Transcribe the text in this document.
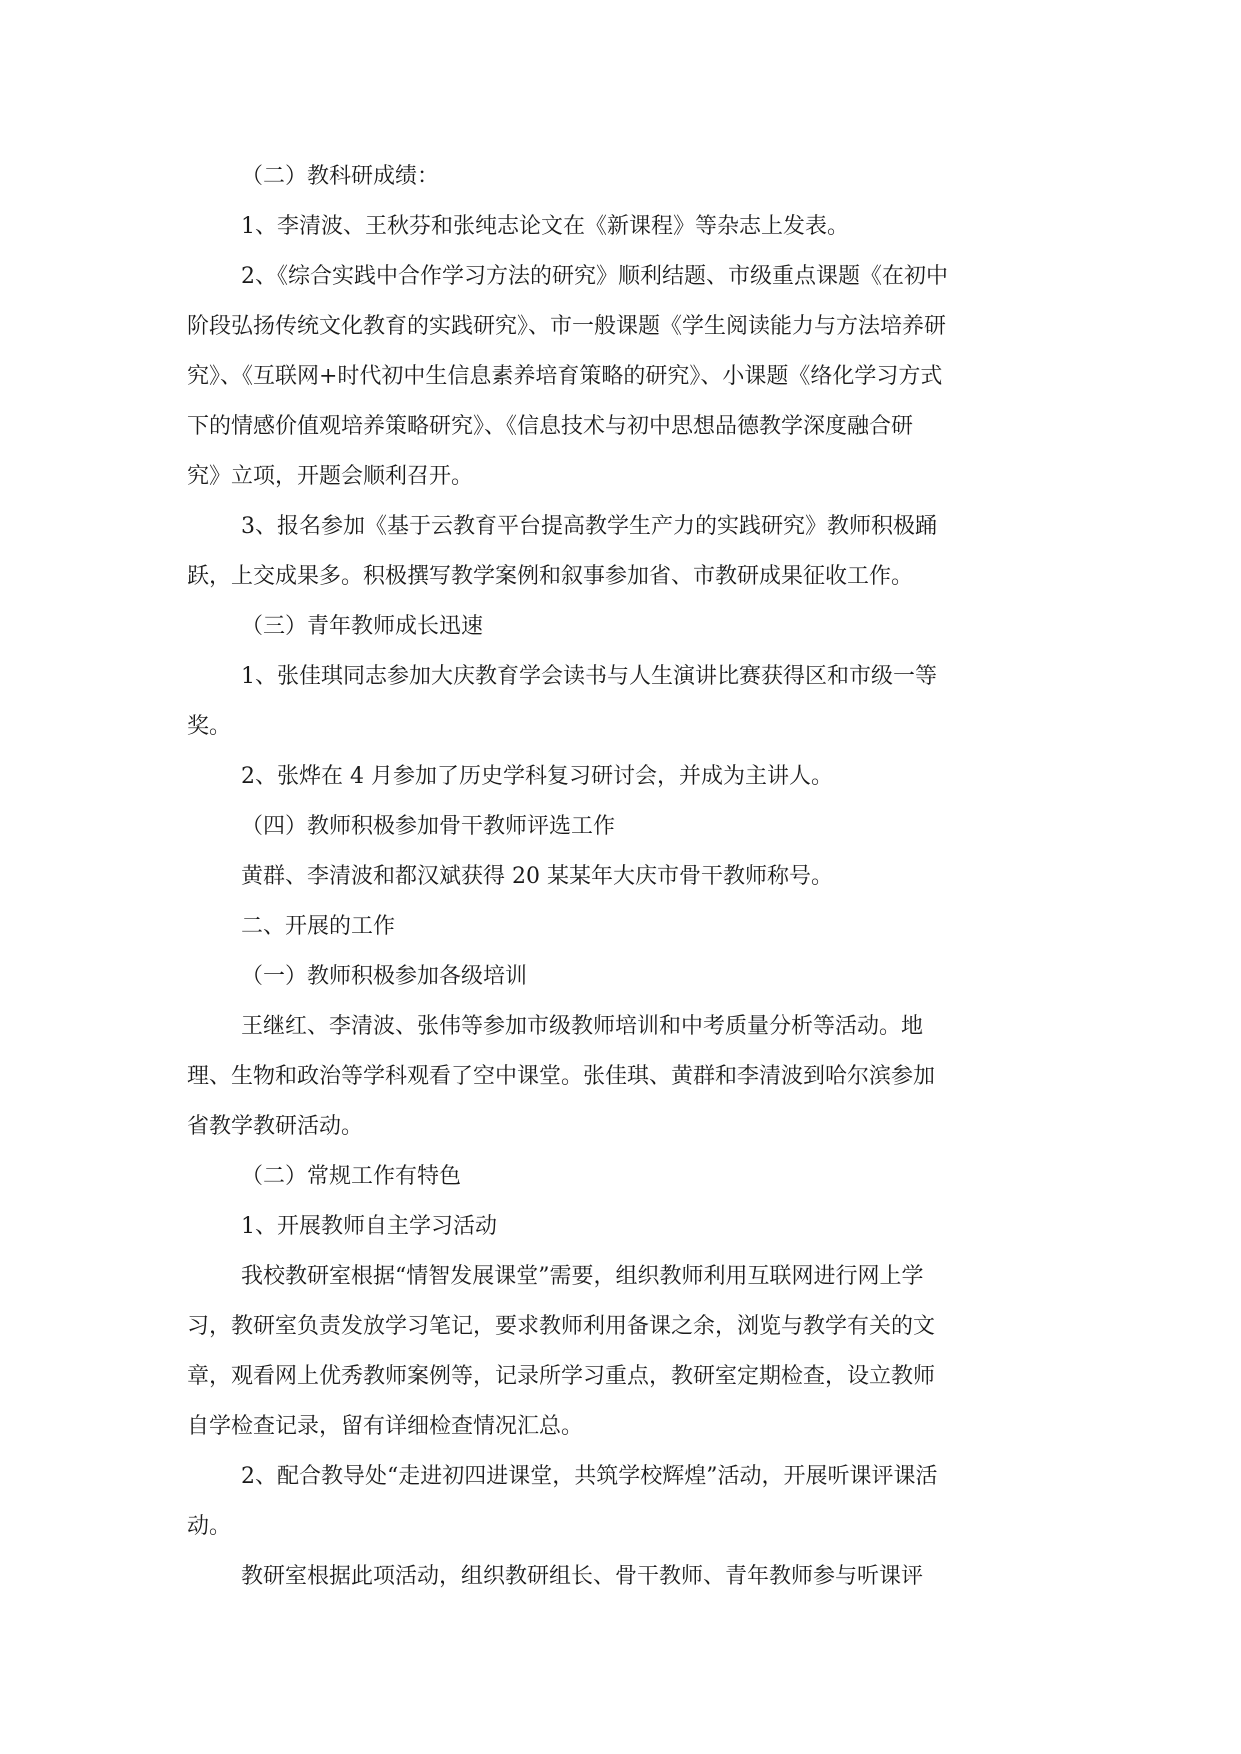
（二）教科研成绩：
1、李清波、王秋芬和张纯志论文在《新课程》等杂志上发表。
2、《综合实践中合作学习方法的研究》顺利结题、市级重点课题《在初中
阶段弘扬传统文化教育的实践研究》、市一般课题《学生阅读能力与方法培养研
究》、《互联网+时代初中生信息素养培育策略的研究》、小课题《络化学习方式
下的情感价值观培养策略研究》、《信息技术与初中思想品德教学深度融合研
究》立项，开题会顺利召开。
3、报名参加《基于云教育平台提高教学生产力的实践研究》教师积极踊
跃，上交成果多。积极撰写教学案例和叙事参加省、市教研成果征收工作。
（三）青年教师成长迅速
1、张佳琪同志参加大庆教育学会读书与人生演讲比赛获得区和市级一等
奖。
2、张烨在 4 月参加了历史学科复习研讨会，并成为主讲人。
（四）教师积极参加骨干教师评选工作
黄群、李清波和都汉斌获得 20 某某年大庆市骨干教师称号。
二、开展的工作
（一）教师积极参加各级培训
王继红、李清波、张伟等参加市级教师培训和中考质量分析等活动。地
理、生物和政治等学科观看了空中课堂。张佳琪、黄群和李清波到哈尔滨参加
省教学教研活动。
（二）常规工作有特色
1、开展教师自主学习活动
我校教研室根据“情智发展课堂”需要，组织教师利用互联网进行网上学
习，教研室负责发放学习笔记，要求教师利用备课之余，浏览与教学有关的文
章，观看网上优秀教师案例等，记录所学习重点，教研室定期检查，设立教师
自学检查记录，留有详细检查情况汇总。
2、配合教导处“走进初四进课堂，共筑学校辉煌”活动，开展听课评课活
动。
教研室根据此项活动，组织教研组长、骨干教师、青年教师参与听课评
